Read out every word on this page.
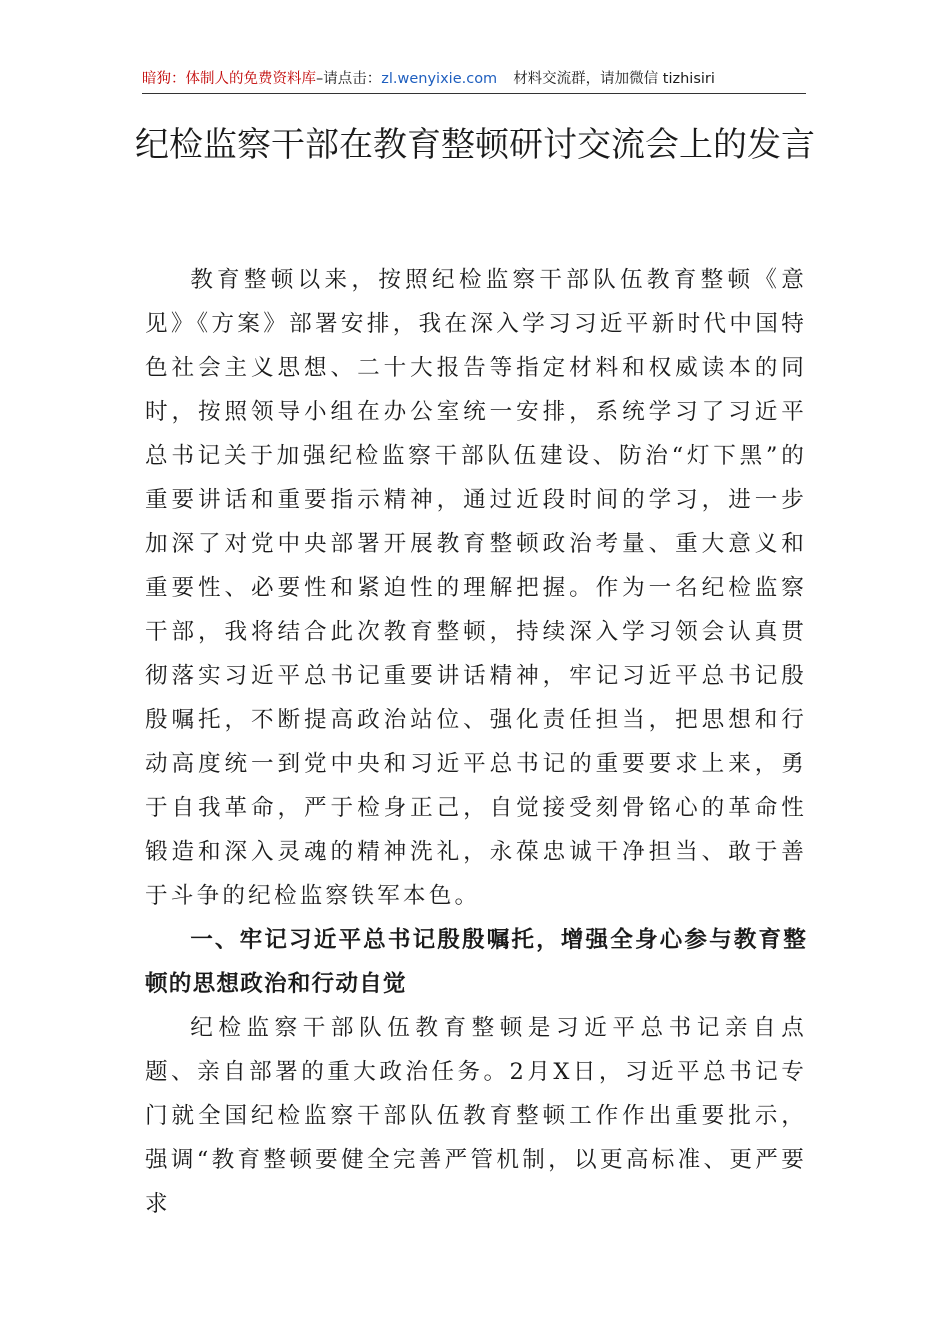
暗狗：体制人的免费资料库–请点击：zl.wenyixie.com 材料交流群，请加微信 tizhisiri
纪检监察干部在教育整顿研讨交流会上的发言

教育整顿以来，按照纪检监察干部队伍教育整顿《意见》《方案》部署安排，我在深入学习习近平新时代中国特色社会主义思想、二十大报告等指定材料和权威读本的同时，按照领导小组在办公室统一安排，系统学习了习近平总书记关于加强纪检监察干部队伍建设、防治“灯下黑”的重要讲话和重要指示精神，通过近段时间的学习，进一步加深了对党中央部署开展教育整顿政治考量、重大意义和重要性、必要性和紧迫性的理解把握。作为一名纪检监察干部，我将结合此次教育整顿，持续深入学习领会认真贯彻落实习近平总书记重要讲话精神，牢记习近平总书记殷殷嘱托，不断提高政治站位、强化责任担当，把思想和行动高度统一到党中央和习近平总书记的重要要求上来，勇于自我革命，严于检身正己，自觉接受刻骨铭心的革命性锻造和深入灵魂的精神洗礼，永葆忠诚干净担当、敢于善于斗争的纪检监察铁军本色。

一、牢记习近平总书记殷殷嘱托，增强全身心参与教育整顿的思想政治和行动自觉

纪检监察干部队伍教育整顿是习近平总书记亲自点题、亲自部署的重大政治任务。2月X日，习近平总书记专门就全国纪检监察干部队伍教育整顿工作作出重要批示，强调“教育整顿要健全完善严管机制，以更高标准、更严要求
